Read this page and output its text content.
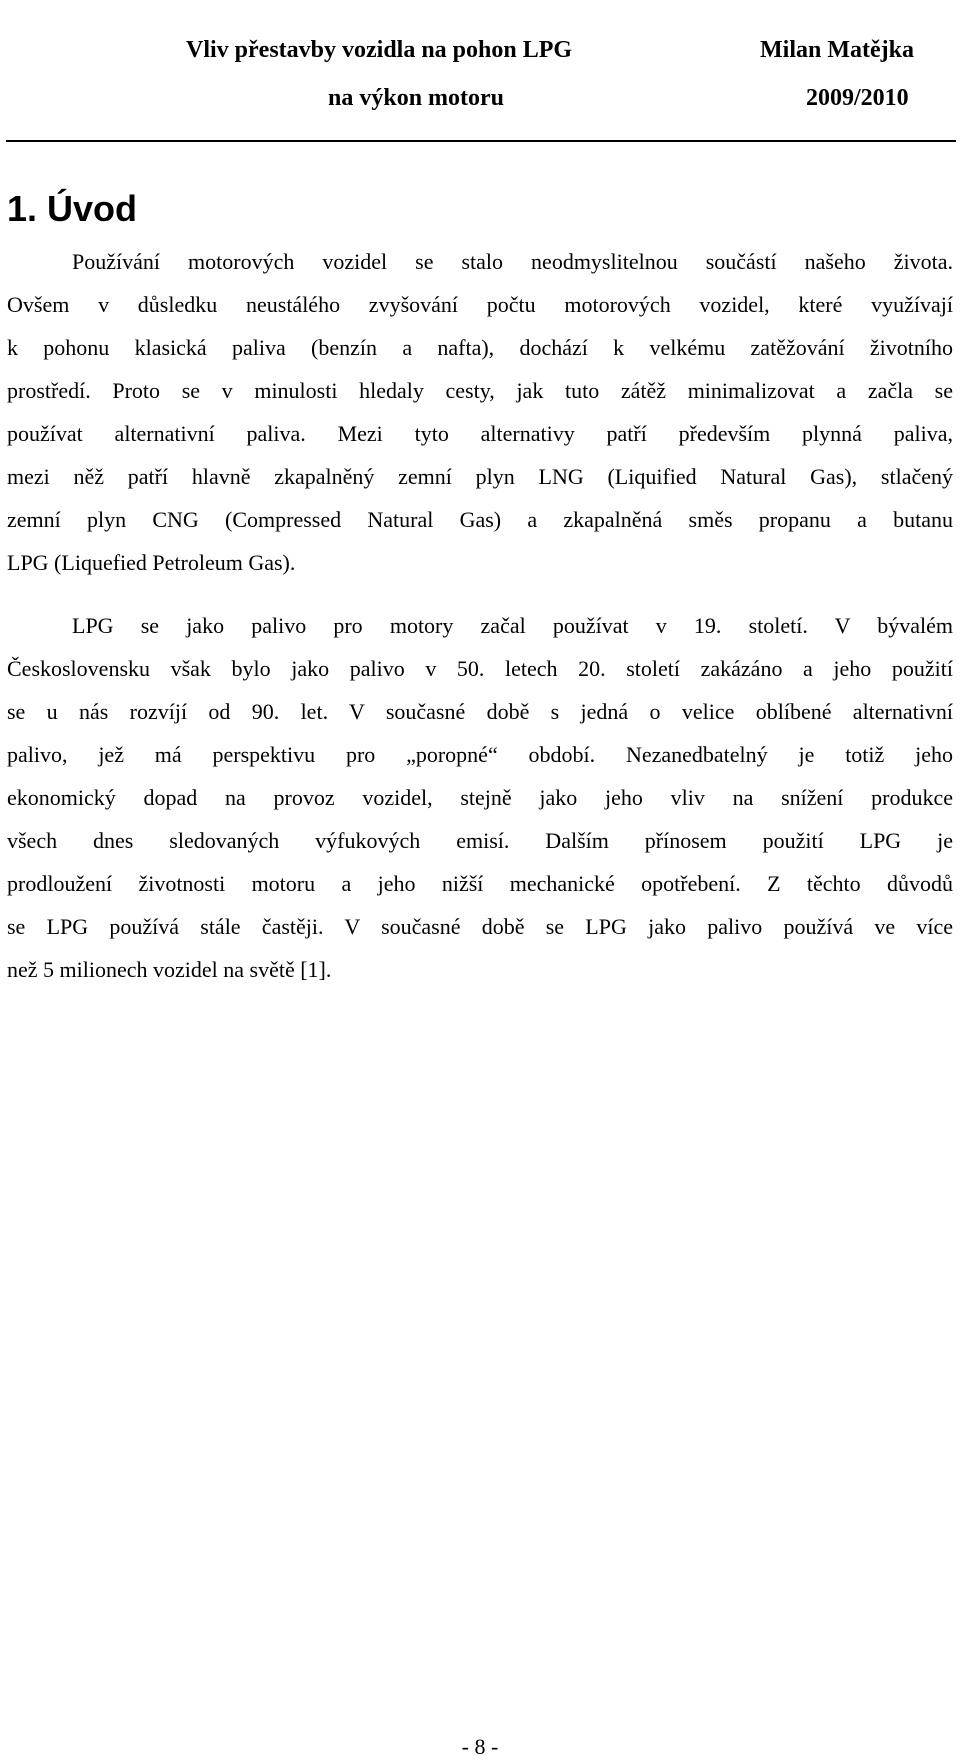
Vliv přestavby vozidla na pohon LPG
na výkon motoru
Milan Matějka
2009/2010
1. Úvod
Používání motorových vozidel se stalo neodmyslitelnou součástí našeho života.
Ovšem v důsledku neustálého zvyšování počtu motorových vozidel, které využívají
k pohonu klasická paliva (benzín a nafta), dochází k velkému zatěžování životního
prostředí. Proto se v minulosti hledaly cesty, jak tuto zátěž minimalizovat a začla se
používat alternativní paliva. Mezi tyto alternativy patří především plynná paliva,
mezi něž patří hlavně zkapalněný zemní plyn LNG (Liquified Natural Gas), stlačený
zemní plyn CNG (Compressed Natural Gas) a zkapalněná směs propanu a butanu
LPG (Liquefied Petroleum Gas).
LPG se jako palivo pro motory začal používat v 19. století. V bývalém
Československu však bylo jako palivo v 50. letech 20. století zakázáno a jeho použití
se u nás rozvíjí od 90. let. V současné době s jedná o velice oblíbené alternativní
palivo, jež má perspektivu pro „poropné“ období. Nezanedbatelný je totiž jeho
ekonomický dopad na provoz vozidel, stejně jako jeho vliv na snížení produkce
všech dnes sledovaných výfukových emisí. Dalším přínosem použití LPG je
prodloužení životnosti motoru a jeho nižší mechanické opotřebení. Z těchto důvodů
se LPG používá stále častěji. V současné době se LPG jako palivo používá ve více
než 5 milionech vozidel na světě [1].
- 8 -
